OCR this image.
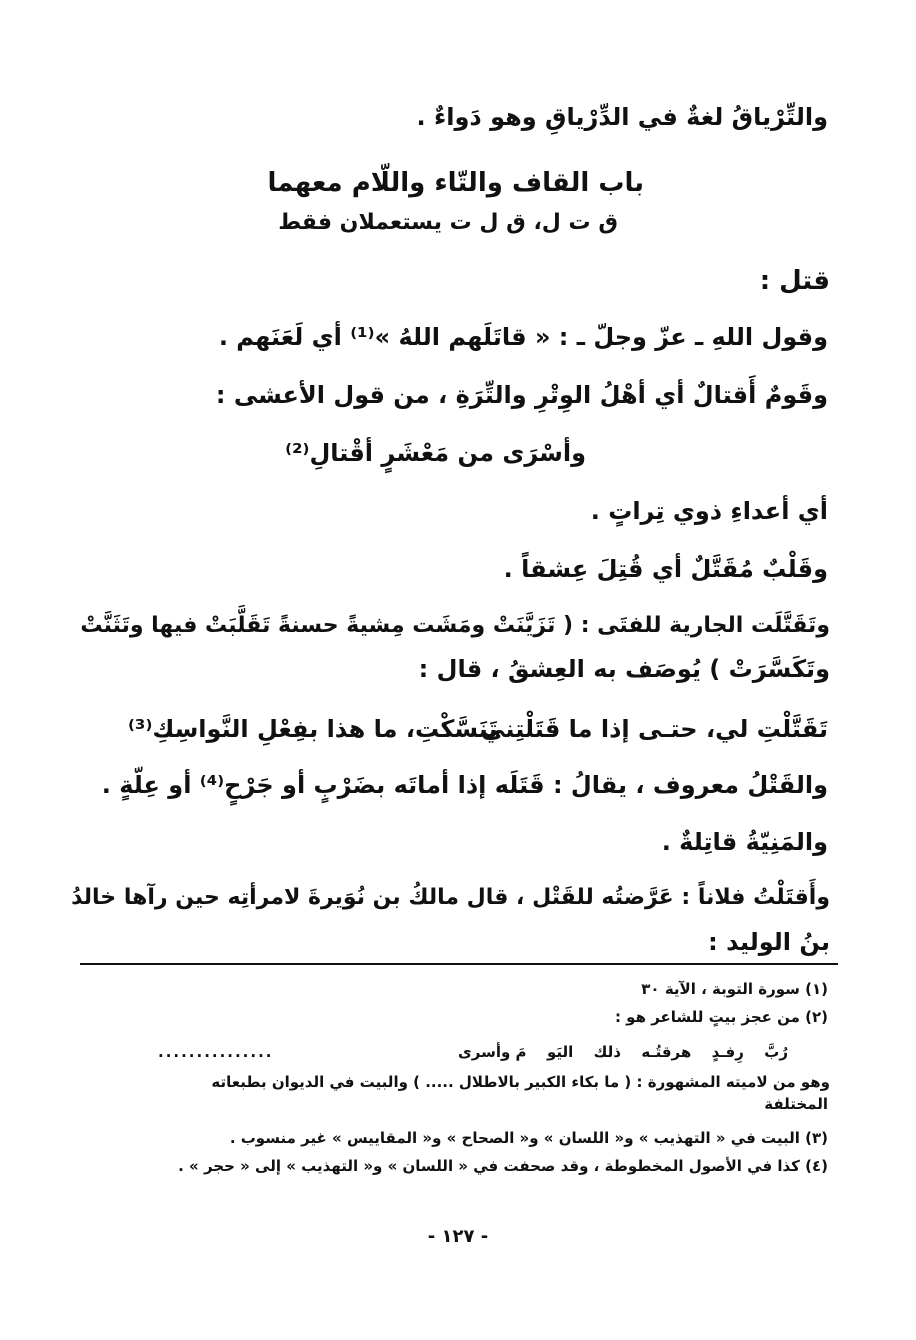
والتِّرْياقُ لغةٌ في الدِّرْياقِ وهو دَواءٌ .
باب القاف والتّاء واللّام معهما
ق ت ل، ق ل ت يستعملان فقط
قتل :
وقول اللهِ ـ عزّ وجلّ ـ : « قاتَلَهم اللهُ »⁽¹⁾ أي لَعَنَهم .
وقَومٌ أَقتالٌ أي أهْلُ الوِتْرِ والتِّرَةِ ، من قول الأعشى :
وأسْرَى من مَعْشَرٍ أقْتالِ⁽²⁾
أي أعداءِ ذوي تِراتٍ .
وقَلْبٌ مُقَتَّلٌ أي قُتِلَ عِشقاً .
وتَقَتَّلَت الجارية للفتَى : ( تَزَيَّنَتْ ومَشَت مِشيةً حسنةً تَقَلَّبَتْ فيها وتَثَنَّتْ
وتَكَسَّرَتْ ) يُوصَف به العِشقُ ، قال :
تَقَتَّلْتِ لي، حتـى إذا ما قَتَلْتِني
تَنَسَّكْتِ، ما هذا بفِعْلِ النَّواسِكِ⁽³⁾
والقَتْلُ معروف ، يقالُ : قَتَلَه إذا أماتَه بضَرْبٍ أو جَرْحٍ⁽⁴⁾ أو عِلّةٍ .
والمَنِيّةُ قاتِلةٌ .
وأَقتَلْتُ فلاناً : عَرَّضتُه للقَتْل ، قال مالكُ بن نُوَيرةَ لامرأتِه حين رآها خالدُ
بنُ الوليد :
(١) سورة التوبة ، الآية ٣٠
(٢) من عجز بيتٍ للشاعر هو :
رُبَّ
رِفـدٍ
هرقتُـه
ذلك
اليَو
مَ وأسرى
...............
وهو من لاميته المشهورة : ( ما بكاء الكبير بالاطلال ..... ) والبيت في الديوان بطبعاته
المختلفة
(٣) البيت في « التهذيب » و« اللسان » و« الصحاح » و« المقاييس » غير منسوب .
(٤) كذا في الأصول المخطوطة ، وقد صحفت في « اللسان » و« التهذيب » إلى « حجر » .
- ١٢٧ -
